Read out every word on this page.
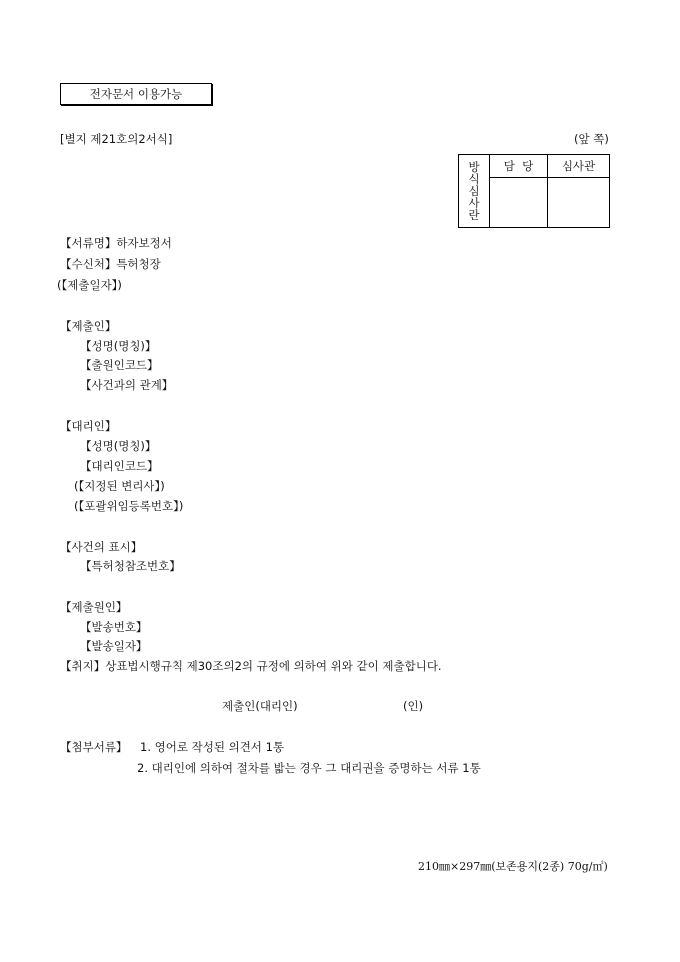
전자문서 이용가능
[별지 제21호의2서식]	(앞 쪽)
방
식
심
사
란	담  당	심사관

【서류명】하자보정서
【수신처】특허청장
(【제출일자】)
【제출인】
【성명(명칭)】
【출원인코드】
【사건과의 관계】
【대리인】
【성명(명칭)】
【대리인코드】
(【지정된 변리사】)
(【포괄위임등록번호】)
【사건의 표시】
【특허청참조번호】
【제출원인】
【발송번호】
【발송일자】
【취지】상표법시행규칙 제30조의2의 규정에 의하여 위와 같이 제출합니다.
제출인(대리인)	(인)
【첨부서류】 1. 영어로 작성된 의견서 1통
2. 대리인에 의하여 절차를 밟는 경우 그 대리권을 증명하는 서류 1통
210㎜×297㎜(보존용지(2종) 70g/㎡)
